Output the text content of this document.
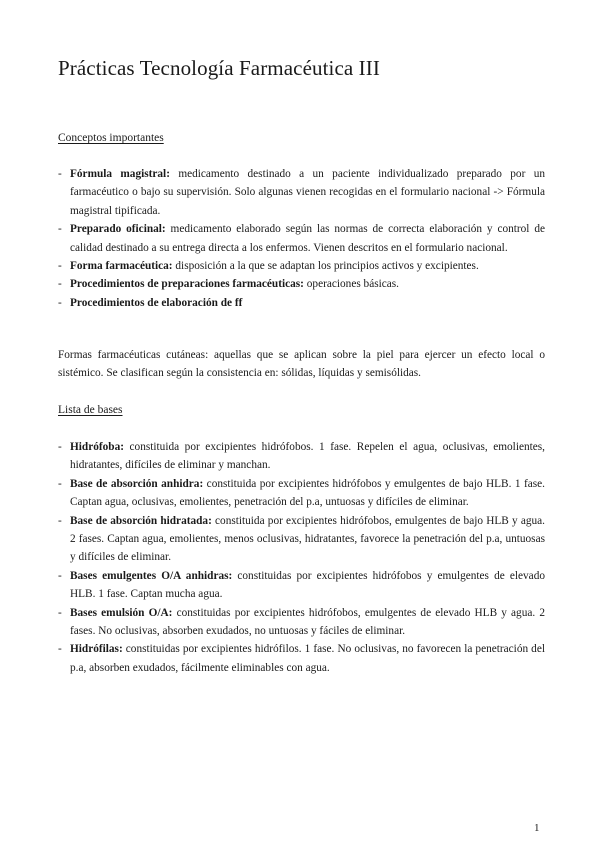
Prácticas Tecnología Farmacéutica III

Conceptos importantes

- Fórmula magistral: medicamento destinado a un paciente individualizado preparado por un farmacéutico o bajo su supervisión. Solo algunas vienen recogidas en el formulario nacional -> Fórmula magistral tipificada.
- Preparado oficinal: medicamento elaborado según las normas de correcta elaboración y control de calidad destinado a su entrega directa a los enfermos. Vienen descritos en el formulario nacional.
- Forma farmacéutica: disposición a la que se adaptan los principios activos y excipientes.
- Procedimientos de preparaciones farmacéuticas: operaciones básicas.
- Procedimientos de elaboración de ff

Formas farmacéuticas cutáneas: aquellas que se aplican sobre la piel para ejercer un efecto local o sistémico. Se clasifican según la consistencia en: sólidas, líquidas y semisólidas.

Lista de bases

- Hidrófoba: constituida por excipientes hidrófobos. 1 fase. Repelen el agua, oclusivas, emolientes, hidratantes, difíciles de eliminar y manchan.
- Base de absorción anhidra: constituida por excipientes hidrófobos y emulgentes de bajo HLB. 1 fase. Captan agua, oclusivas, emolientes, penetración del p.a, untuosas y difíciles de eliminar.
- Base de absorción hidratada: constituida por excipientes hidrófobos, emulgentes de bajo HLB y agua. 2 fases. Captan agua, emolientes, menos oclusivas, hidratantes, favorece la penetración del p.a, untuosas y difíciles de eliminar.
- Bases emulgentes O/A anhidras: constituidas por excipientes hidrófobos y emulgentes de elevado HLB. 1 fase. Captan mucha agua.
- Bases emulsión O/A: constituidas por excipientes hidrófobos, emulgentes de elevado HLB y agua. 2 fases. No oclusivas, absorben exudados, no untuosas y fáciles de eliminar.
- Hidrófilas: constituidas por excipientes hidrófilos. 1 fase. No oclusivas, no favorecen la penetración del p.a, absorben exudados, fácilmente eliminables con agua.
1
